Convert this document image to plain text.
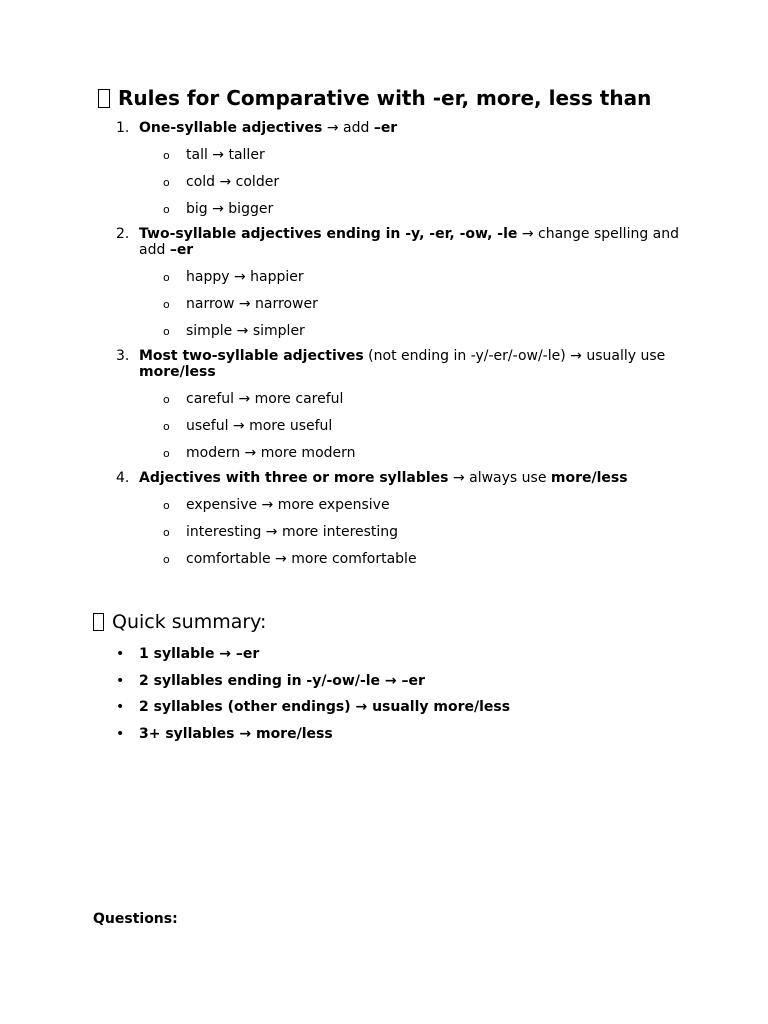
Rules for Comparative with -er, more, less than
1. One-syllable adjectives → add –er
o tall → taller
o cold → colder
o big → bigger
2. Two-syllable adjectives ending in -y, -er, -ow, -le → change spelling and add –er
o happy → happier
o narrow → narrower
o simple → simpler
3. Most two-syllable adjectives (not ending in -y/-er/-ow/-le) → usually use more/less
o careful → more careful
o useful → more useful
o modern → more modern
4. Adjectives with three or more syllables → always use more/less
o expensive → more expensive
o interesting → more interesting
o comfortable → more comfortable
Quick summary:
• 1 syllable → –er
• 2 syllables ending in -y/-ow/-le → –er
• 2 syllables (other endings) → usually more/less
• 3+ syllables → more/less

Questions:
